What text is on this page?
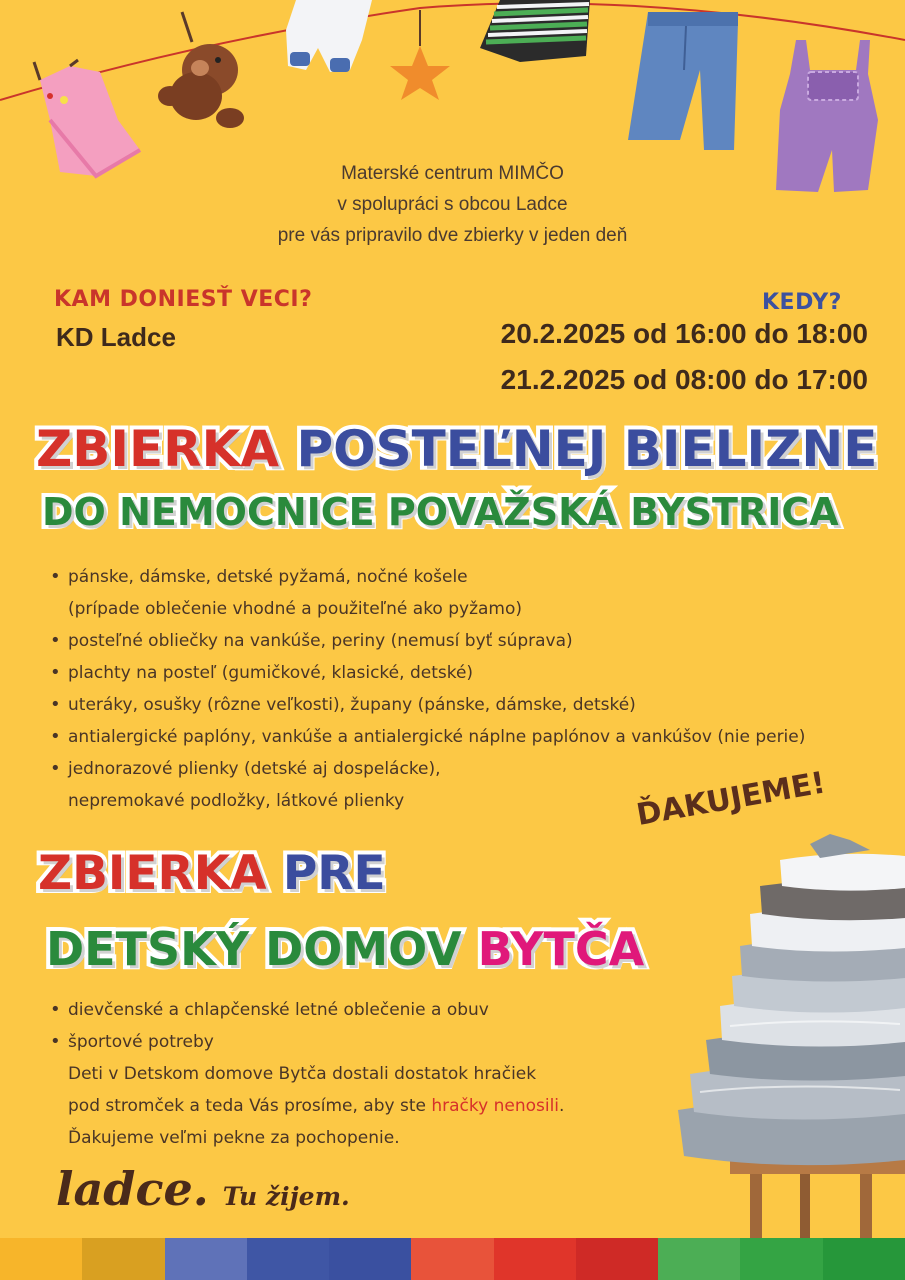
Materské centrum MIMČO
v spolupráci s obcou Ladce
pre vás pripravilo dve zbierky v jeden deň
KAM DONIESŤ VECI?
KD Ladce
KEDY?
20.2.2025 od 16:00 do 18:00
21.2.2025 od 08:00 do 17:00
ZBIERKA POSTEĽNEJ BIELIZNE
DO NEMOCNICE POVAŽSKÁ BYSTRICA
• pánske, dámske, detské pyžamá, nočné košele
(prípade oblečenie vhodné a použiteľné ako pyžamo)
• posteľné obliečky na vankúše, periny (nemusí byť súprava)
• plachty na posteľ (gumičkové, klasické, detské)
• uteráky, osušky (rôzne veľkosti), župany (pánske, dámske, detské)
• antialergické paplóny, vankúše a antialergické náplne paplónov a vankúšov (nie perie)
• jednorazové plienky (detské aj dospelácke),
nepremokavé podložky, látkové plienky	ĎAKUJEME!
ZBIERKA PRE
DETSKÝ DOMOV BYTČA
• dievčenské a chlapčenské letné oblečenie a obuv
• športové potreby
Deti v Detskom domove Bytča dostali dostatok hračiek
pod stromček a teda Vás prosíme, aby ste hračky nenosili.
Ďakujeme veľmi pekne za pochopenie.
ladce. Tu žijem.
